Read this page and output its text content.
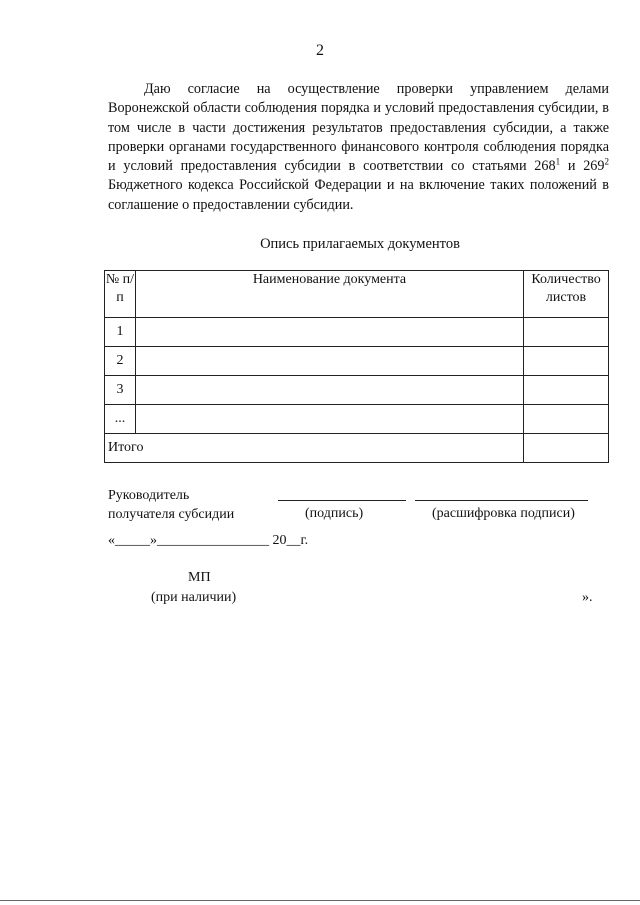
2

Даю согласие на осуществление проверки управлением делами Воронежской области соблюдения порядка и условий предоставления субсидии, в том числе в части достижения результатов предоставления субсидии, а также проверки органами государственного финансового контроля соблюдения порядка и условий предоставления субсидии в соответствии со статьями $268^1$ и $269^2$ Бюджетного кодекса Российской Федерации и на включение таких положений в соглашение о предоставлении субсидии.

Опись прилагаемых документов
№ п/п	Наименование документа	Количество листов
1		
2		
3		
...		
Итого		
Руководитель
получателя субсидии	(подпись)	(расшифровка подписи)
«_____»________________ 20__г.
МП
(при наличии)	».
